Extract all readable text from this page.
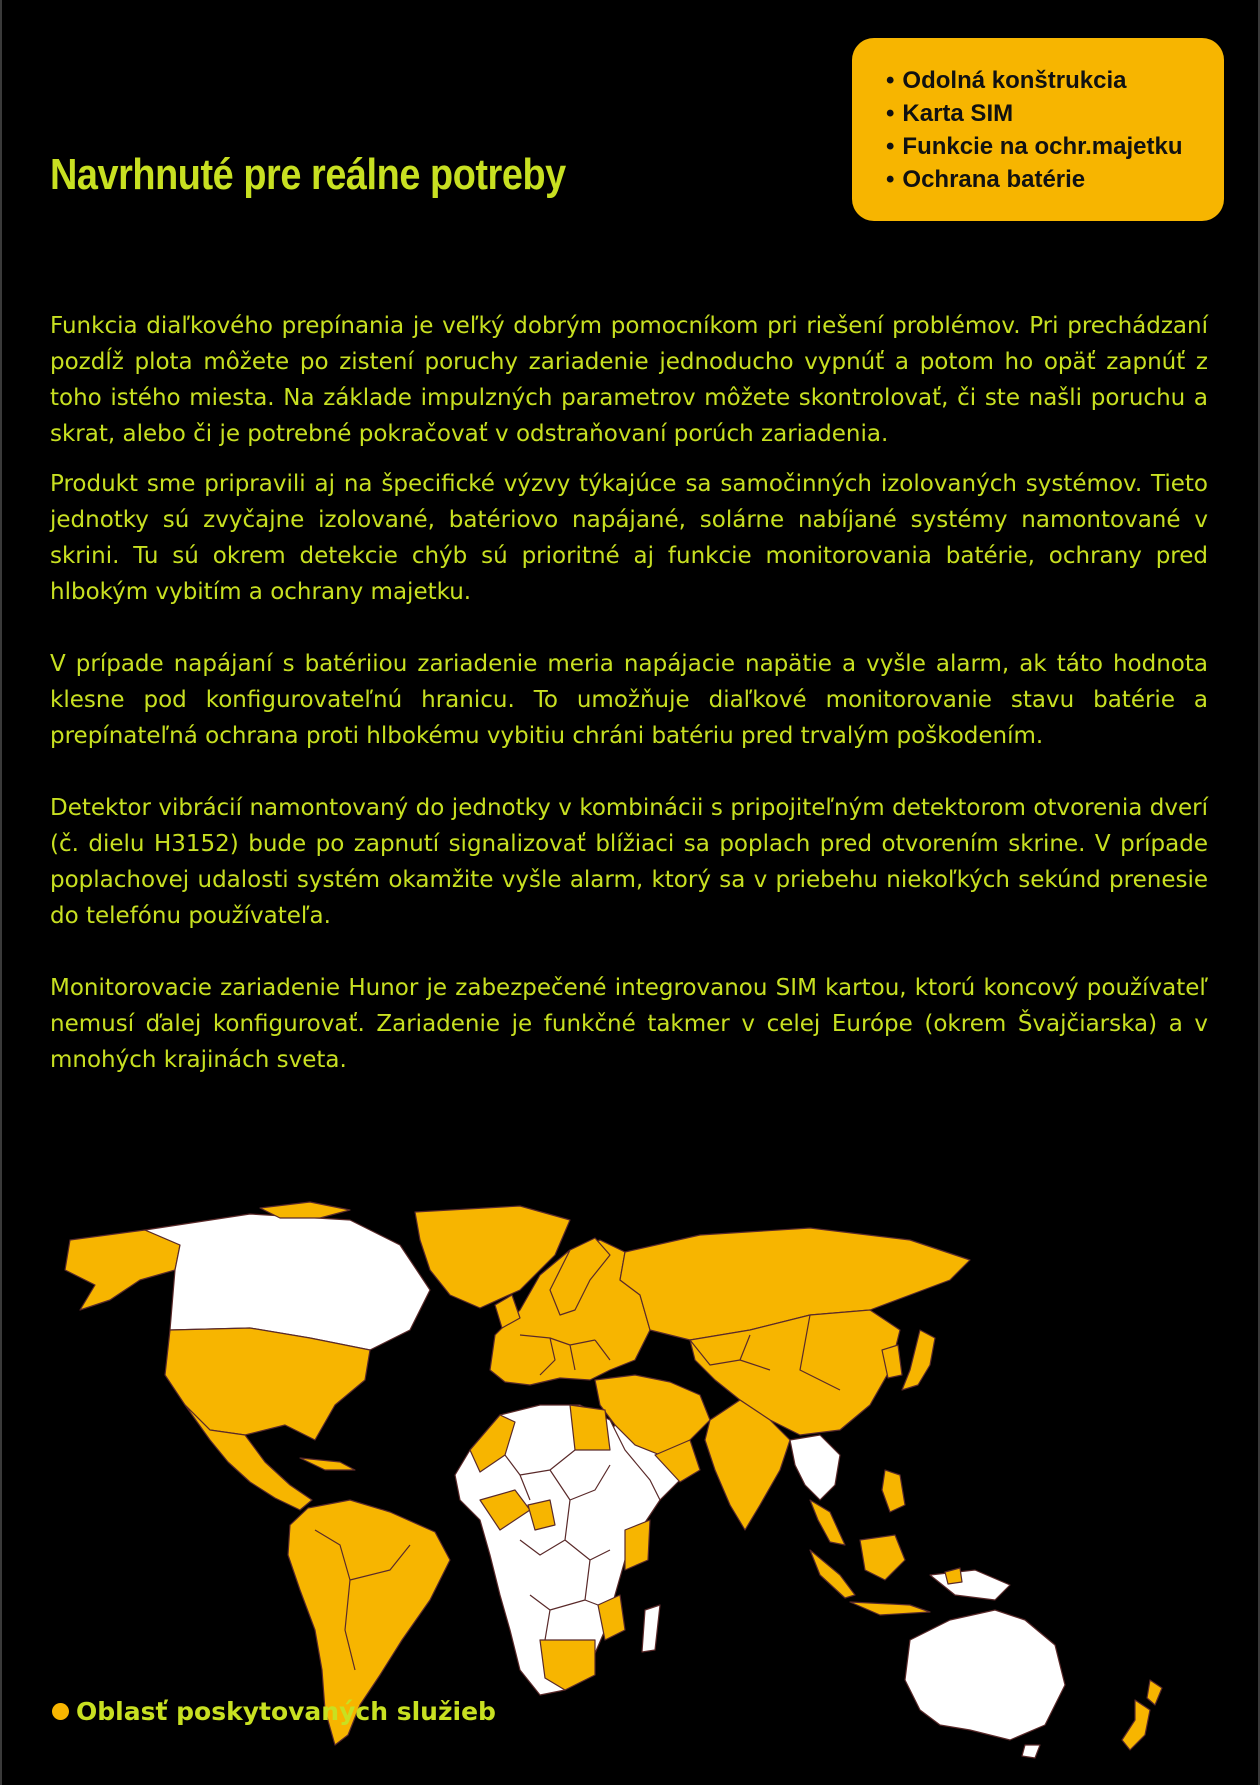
Navrhnuté pre reálne potreby
• Odolná konštrukcia
• Karta SIM
• Funkcie na ochr.majetku
• Ochrana batérie

Funkcia diaľkového prepínania je veľký dobrým pomocníkom pri riešení problémov. Pri prechádzaní pozdĺž plota môžete po zistení poruchy zariadenie jednoducho vypnúť a potom ho opäť zapnúť z toho istého miesta. Na základe impulzných parametrov môžete skontrolovať, či ste našli poruchu a skrat, alebo či je potrebné pokračovať v odstraňovaní porúch zariadenia.

Produkt sme pripravili aj na špecifické výzvy týkajúce sa samočinných izolovaných systémov. Tieto jednotky sú zvyčajne izolované, batériovo napájané, solárne nabíjané systémy namontované v skrini. Tu sú okrem detekcie chýb sú prioritné aj funkcie monitorovania batérie, ochrany pred hlbokým vybitím a ochrany majetku.

V prípade napájaní s batériiou zariadenie meria napájacie napätie a vyšle alarm, ak táto hodnota klesne pod konfigurovateľnú hranicu. To umožňuje diaľkové monitorovanie stavu batérie a prepínateľná ochrana proti hlbokému vybitiu chráni batériu pred trvalým poškodením.

Detektor vibrácií namontovaný do jednotky v kombinácii s pripojiteľným detektorom otvorenia dverí (č. dielu H3152) bude po zapnutí signalizovať blížiaci sa poplach pred otvorením skrine. V prípade poplachovej udalosti systém okamžite vyšle alarm, ktorý sa v priebehu niekoľkých sekúnd prenesie do telefónu používateľa.

Monitorovacie zariadenie Hunor je zabezpečené integrovanou SIM kartou, ktorú koncový používateľ nemusí ďalej konfigurovať. Zariadenie je funkčné takmer v celej Európe (okrem Švajčiarska) a v mnohých krajinách sveta.

Oblasť poskytovaných služieb
